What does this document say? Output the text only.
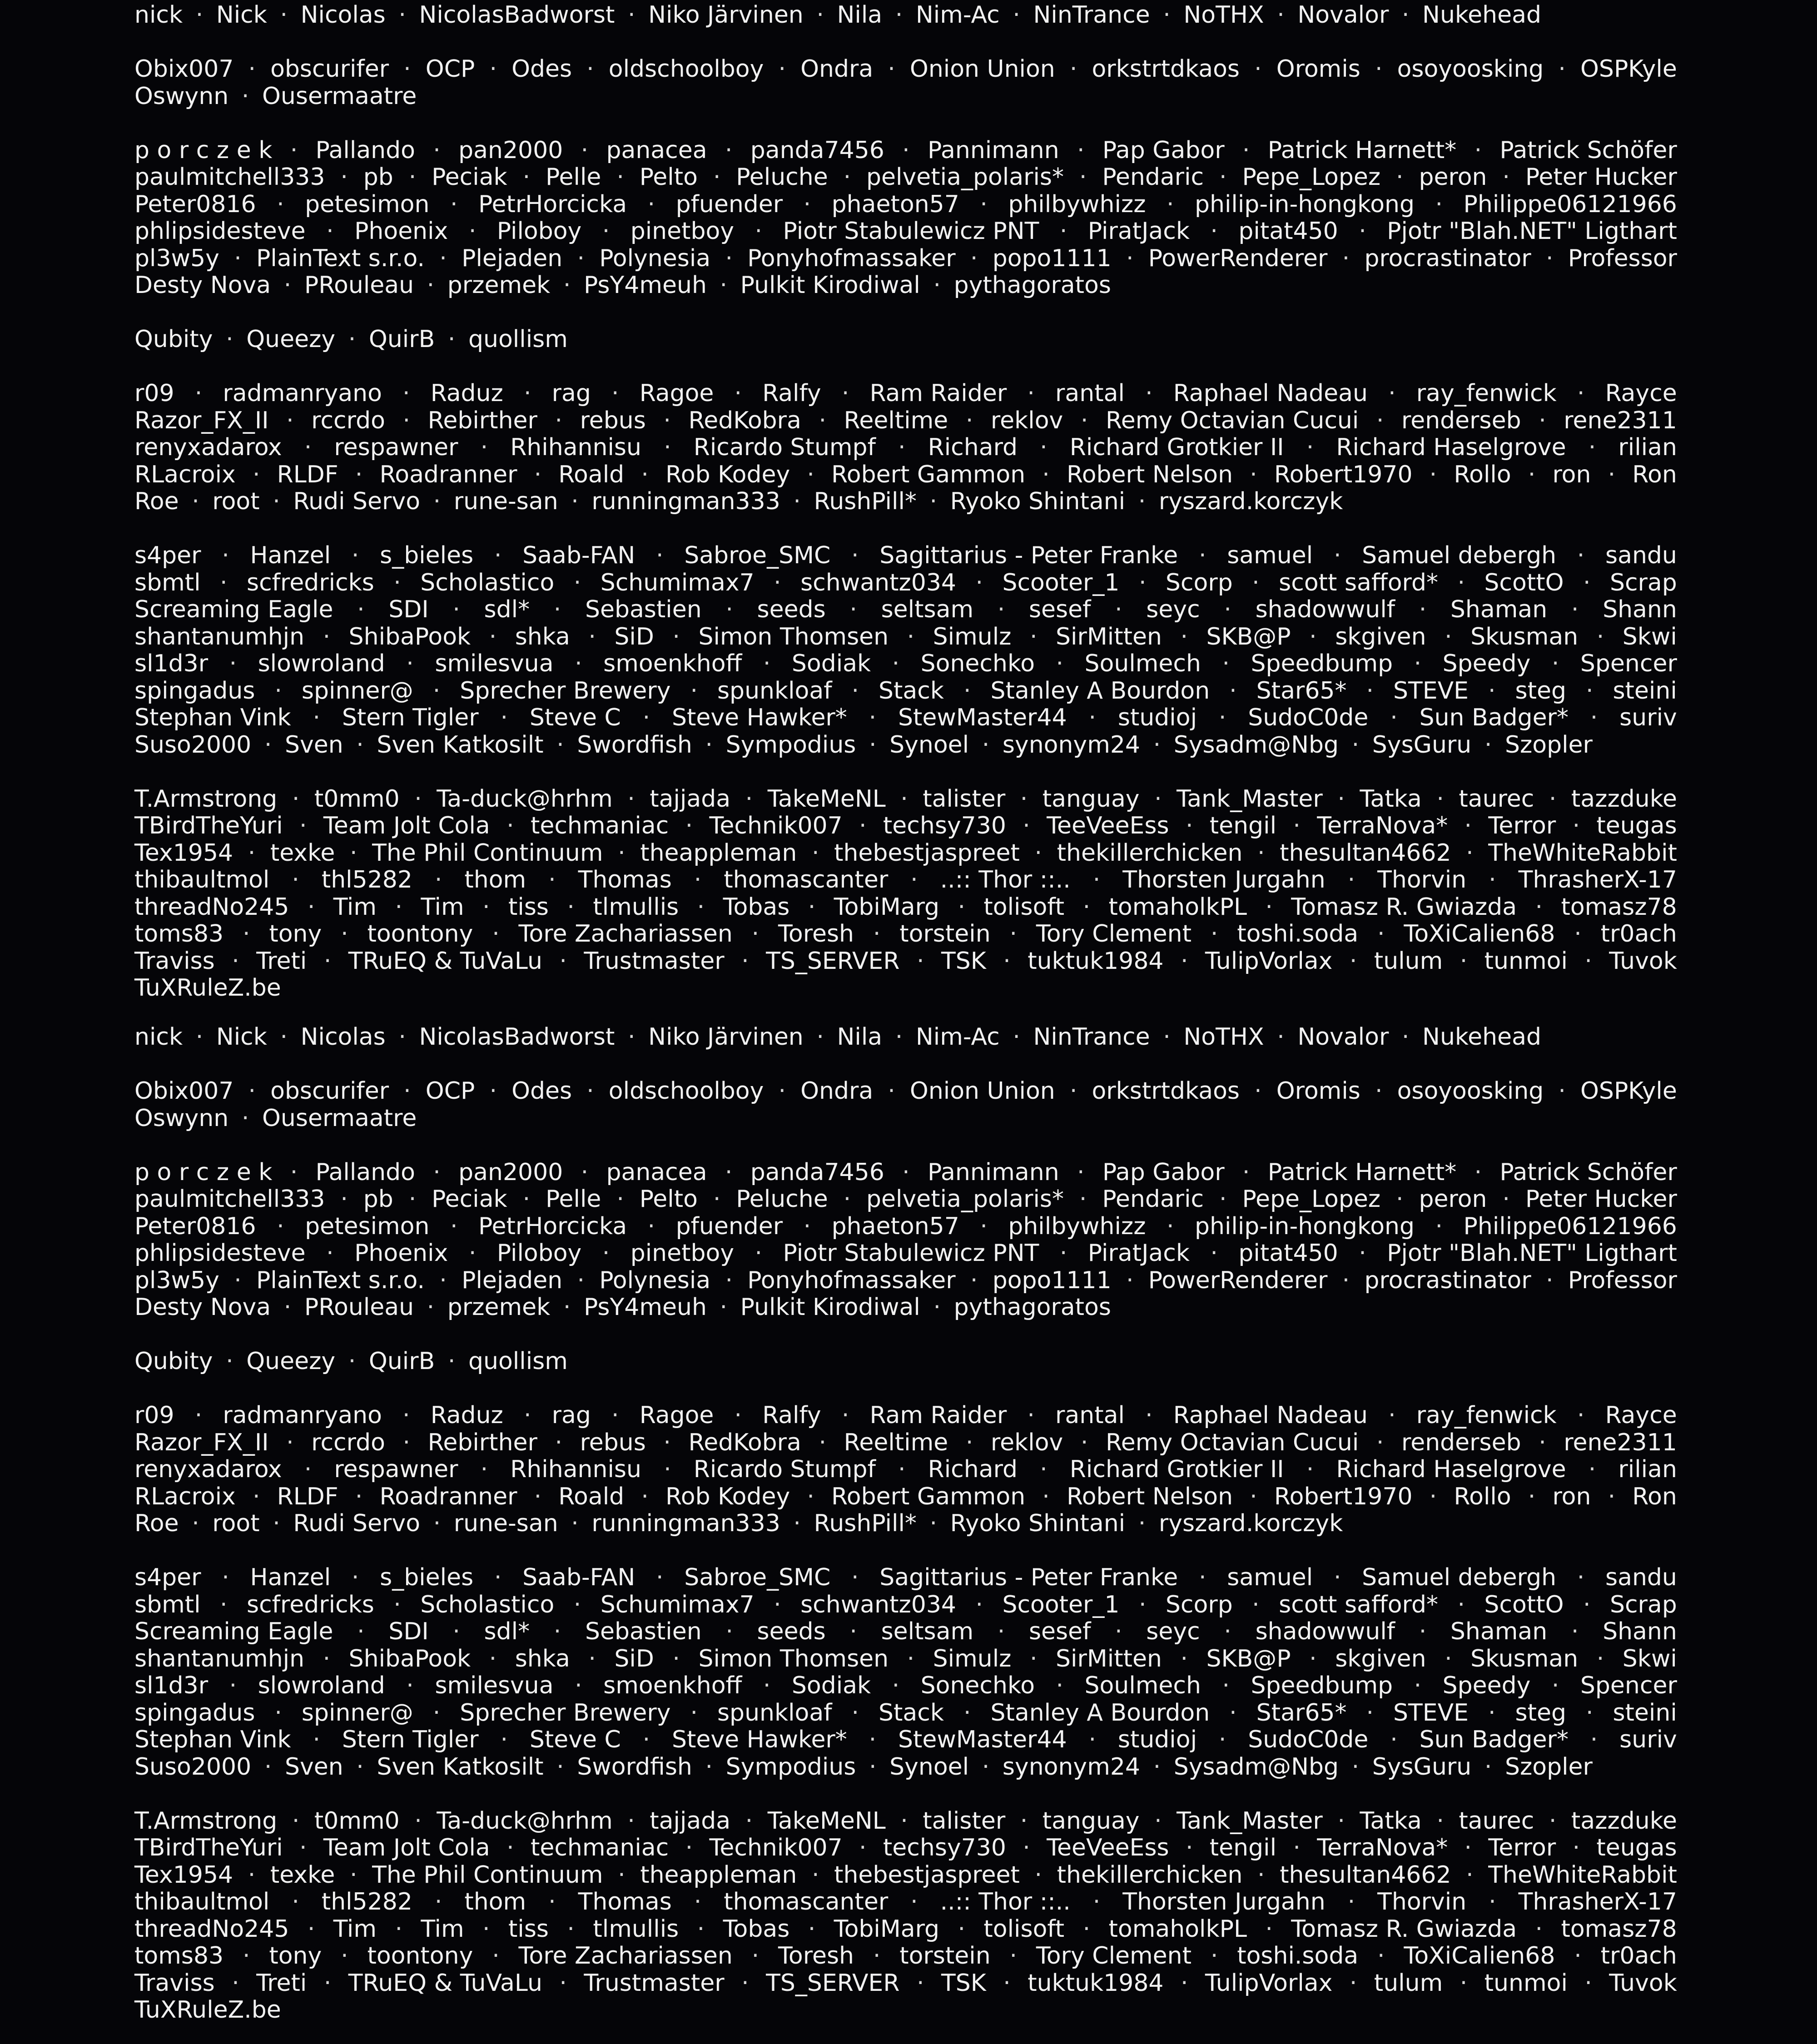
nick · Nick · Nicolas · NicolasBadworst · Niko Järvinen · Nila · Nim-Ac · NinTrance · NoTHX · Novalor · Nukehead
Obix007 · obscurifer · OCP · Odes · oldschoolboy · Ondra · Onion Union · orkstrtdkaos · Oromis · osoyoosking · OSPKyle
Oswynn · Ousermaatre
p o r c z e k · Pallando · pan2000 · panacea · panda7456 · Pannimann · Pap Gabor · Patrick Harnett* · Patrick Schöfer
paulmitchell333 · pb · Peciak · Pelle · Pelto · Peluche · pelvetia_polaris* · Pendaric · Pepe_Lopez · peron · Peter Hucker
Peter0816 · petesimon · PetrHorcicka · pfuender · phaeton57 · philbywhizz · philip-in-hongkong · Philippe06121966
phlipsidesteve · Phoenix · Piloboy · pinetboy · Piotr Stabulewicz PNT · PiratJack · pitat450 · Pjotr "Blah.NET" Ligthart
pl3w5y · PlainText s.r.o. · Plejaden · Polynesia · Ponyhofmassaker · popo1111 · PowerRenderer · procrastinator · Professor
Desty Nova · PRouleau · przemek · PsY4meuh · Pulkit Kirodiwal · pythagoratos
Qubity · Queezy · QuirB · quollism
r09 · radmanryano · Raduz · rag · Ragoe · Ralfy · Ram Raider · rantal · Raphael Nadeau · ray_fenwick · Rayce
Razor_FX_II · rccrdo · Rebirther · rebus · RedKobra · Reeltime · reklov · Remy Octavian Cucui · renderseb · rene2311
renyxadarox · respawner · Rhihannisu · Ricardo Stumpf · Richard · Richard Grotkier II · Richard Haselgrove · rilian
RLacroix · RLDF · Roadranner · Roald · Rob Kodey · Robert Gammon · Robert Nelson · Robert1970 · Rollo · ron · Ron
Roe · root · Rudi Servo · rune-san · runningman333 · RushPill* · Ryoko Shintani · ryszard.korczyk
s4per · Hanzel · s_bieles · Saab-FAN · Sabroe_SMC · Sagittarius - Peter Franke · samuel · Samuel debergh · sandu
sbmtl · scfredricks · Scholastico · Schumimax7 · schwantz034 · Scooter_1 · Scorp · scott safford* · ScottO · Scrap
Screaming Eagle · SDI · sdl* · Sebastien · seeds · seltsam · sesef · seyc · shadowwulf · Shaman · Shann
shantanumhjn · ShibaPook · shka · SiD · Simon Thomsen · Simulz · SirMitten · SKB@P · skgiven · Skusman · Skwi
sl1d3r · slowroland · smilesvua · smoenkhoff · Sodiak · Sonechko · Soulmech · Speedbump · Speedy · Spencer
spingadus · spinner@ · Sprecher Brewery · spunkloaf · Stack · Stanley A Bourdon · Star65* · STEVE · steg · steini
Stephan Vink · Stern Tigler · Steve C · Steve Hawker* · StewMaster44 · studioj · SudoC0de · Sun Badger* · suriv
Suso2000 · Sven · Sven Katkosilt · Swordfish · Sympodius · Synoel · synonym24 · Sysadm@Nbg · SysGuru · Szopler
T.Armstrong · t0mm0 · Ta-duck@hrhm · tajjada · TakeMeNL · talister · tanguay · Tank_Master · Tatka · taurec · tazzduke
TBirdTheYuri · Team Jolt Cola · techmaniac · Technik007 · techsy730 · TeeVeeEss · tengil · TerraNova* · Terror · teugas
Tex1954 · texke · The Phil Continuum · theappleman · thebestjaspreet · thekillerchicken · thesultan4662 · TheWhiteRabbit
thibaultmol · thl5282 · thom · Thomas · thomascanter · ..:: Thor ::.. · Thorsten Jurgahn · Thorvin · ThrasherX-17
threadNo245 · Tim · Tim · tiss · tlmullis · Tobas · TobiMarg · tolisoft · tomaholkPL · Tomasz R. Gwiazda · tomasz78
toms83 · tony · toontony · Tore Zachariassen · Toresh · torstein · Tory Clement · toshi.soda · ToXiCalien68 · tr0ach
Traviss · Treti · TRuEQ & TuVaLu · Trustmaster · TS_SERVER · TSK · tuktuk1984 · TulipVorlax · tulum · tunmoi · Tuvok
TuXRuleZ.be
nick · Nick · Nicolas · NicolasBadworst · Niko Järvinen · Nila · Nim-Ac · NinTrance · NoTHX · Novalor · Nukehead
Obix007 · obscurifer · OCP · Odes · oldschoolboy · Ondra · Onion Union · orkstrtdkaos · Oromis · osoyoosking · OSPKyle
Oswynn · Ousermaatre
p o r c z e k · Pallando · pan2000 · panacea · panda7456 · Pannimann · Pap Gabor · Patrick Harnett* · Patrick Schöfer
paulmitchell333 · pb · Peciak · Pelle · Pelto · Peluche · pelvetia_polaris* · Pendaric · Pepe_Lopez · peron · Peter Hucker
Peter0816 · petesimon · PetrHorcicka · pfuender · phaeton57 · philbywhizz · philip-in-hongkong · Philippe06121966
phlipsidesteve · Phoenix · Piloboy · pinetboy · Piotr Stabulewicz PNT · PiratJack · pitat450 · Pjotr "Blah.NET" Ligthart
pl3w5y · PlainText s.r.o. · Plejaden · Polynesia · Ponyhofmassaker · popo1111 · PowerRenderer · procrastinator · Professor
Desty Nova · PRouleau · przemek · PsY4meuh · Pulkit Kirodiwal · pythagoratos
Qubity · Queezy · QuirB · quollism
r09 · radmanryano · Raduz · rag · Ragoe · Ralfy · Ram Raider · rantal · Raphael Nadeau · ray_fenwick · Rayce
Razor_FX_II · rccrdo · Rebirther · rebus · RedKobra · Reeltime · reklov · Remy Octavian Cucui · renderseb · rene2311
renyxadarox · respawner · Rhihannisu · Ricardo Stumpf · Richard · Richard Grotkier II · Richard Haselgrove · rilian
RLacroix · RLDF · Roadranner · Roald · Rob Kodey · Robert Gammon · Robert Nelson · Robert1970 · Rollo · ron · Ron
Roe · root · Rudi Servo · rune-san · runningman333 · RushPill* · Ryoko Shintani · ryszard.korczyk
s4per · Hanzel · s_bieles · Saab-FAN · Sabroe_SMC · Sagittarius - Peter Franke · samuel · Samuel debergh · sandu
sbmtl · scfredricks · Scholastico · Schumimax7 · schwantz034 · Scooter_1 · Scorp · scott safford* · ScottO · Scrap
Screaming Eagle · SDI · sdl* · Sebastien · seeds · seltsam · sesef · seyc · shadowwulf · Shaman · Shann
shantanumhjn · ShibaPook · shka · SiD · Simon Thomsen · Simulz · SirMitten · SKB@P · skgiven · Skusman · Skwi
sl1d3r · slowroland · smilesvua · smoenkhoff · Sodiak · Sonechko · Soulmech · Speedbump · Speedy · Spencer
spingadus · spinner@ · Sprecher Brewery · spunkloaf · Stack · Stanley A Bourdon · Star65* · STEVE · steg · steini
Stephan Vink · Stern Tigler · Steve C · Steve Hawker* · StewMaster44 · studioj · SudoC0de · Sun Badger* · suriv
Suso2000 · Sven · Sven Katkosilt · Swordfish · Sympodius · Synoel · synonym24 · Sysadm@Nbg · SysGuru · Szopler
T.Armstrong · t0mm0 · Ta-duck@hrhm · tajjada · TakeMeNL · talister · tanguay · Tank_Master · Tatka · taurec · tazzduke
TBirdTheYuri · Team Jolt Cola · techmaniac · Technik007 · techsy730 · TeeVeeEss · tengil · TerraNova* · Terror · teugas
Tex1954 · texke · The Phil Continuum · theappleman · thebestjaspreet · thekillerchicken · thesultan4662 · TheWhiteRabbit
thibaultmol · thl5282 · thom · Thomas · thomascanter · ..:: Thor ::.. · Thorsten Jurgahn · Thorvin · ThrasherX-17
threadNo245 · Tim · Tim · tiss · tlmullis · Tobas · TobiMarg · tolisoft · tomaholkPL · Tomasz R. Gwiazda · tomasz78
toms83 · tony · toontony · Tore Zachariassen · Toresh · torstein · Tory Clement · toshi.soda · ToXiCalien68 · tr0ach
Traviss · Treti · TRuEQ & TuVaLu · Trustmaster · TS_SERVER · TSK · tuktuk1984 · TulipVorlax · tulum · tunmoi · Tuvok
TuXRuleZ.be
